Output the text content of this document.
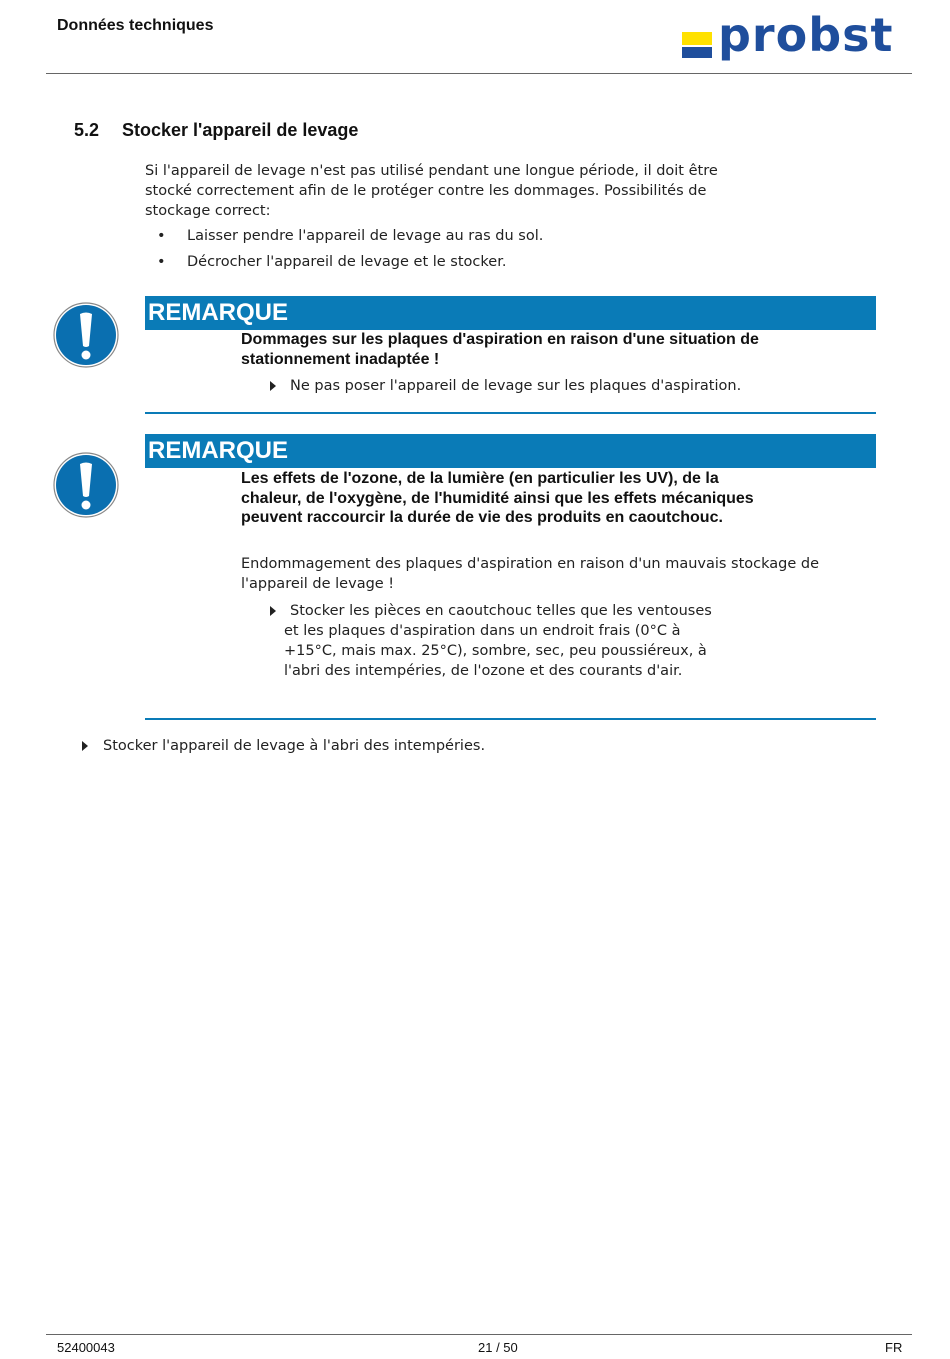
Données techniques	probst
5.2 Stocker l'appareil de levage

Si l'appareil de levage n'est pas utilisé pendant une longue période, il doit être stocké correctement afin de le protéger contre les dommages. Possibilités de stockage correct:

• Laisser pendre l'appareil de levage au ras du sol.
• Décrocher l'appareil de levage et le stocker.
REMARQUE
Dommages sur les plaques d'aspiration en raison d'une situation de stationnement inadaptée !
Ne pas poser l'appareil de levage sur les plaques d'aspiration.
REMARQUE
Les effets de l'ozone, de la lumière (en particulier les UV), de la chaleur, de l'oxygène, de l'humidité ainsi que les effets mécaniques peuvent raccourcir la durée de vie des produits en caoutchouc.
Endommagement des plaques d'aspiration en raison d'un mauvais stockage de l'appareil de levage !
Stocker les pièces en caoutchouc telles que les ventouses et les plaques d'aspiration dans un endroit frais (0°C à +15°C, mais max. 25°C), sombre, sec, peu poussiéreux, à l'abri des intempéries, de l'ozone et des courants d'air.
Stocker l'appareil de levage à l'abri des intempéries.
52400043	21 / 50	FR
